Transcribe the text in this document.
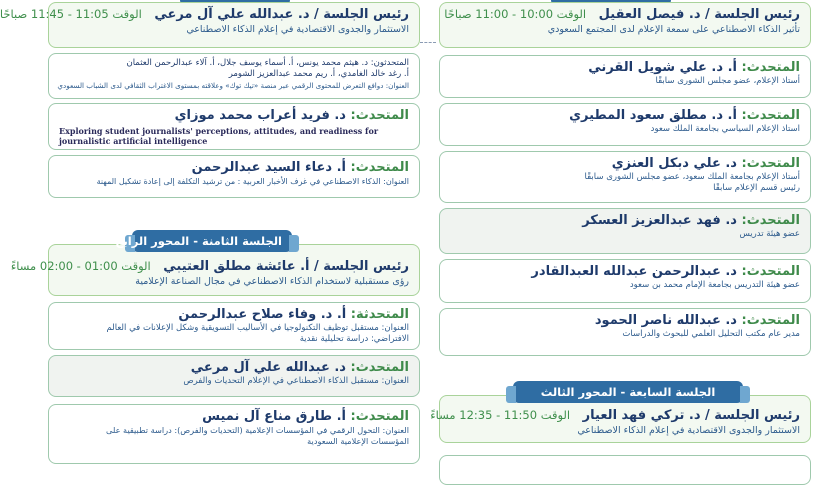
رئيس الجلسة / د. فيصل العقيل الوقت 10:00 - 11:00 صباحًا
تأثير الذكاء الاصطناعي على سمعة الإعلام لدى المجتمع السعودي
المتحدث: أ. د. علي شويل القرني
أستاذ الإعلام، عضو مجلس الشورى سابقًا
المتحدث: أ. د. مطلق سعود المطيري
استاذ الإعلام السياسي بجامعة الملك سعود
المتحدث: د. علي دبكل العنزي
أستاذ الإعلام بجامعة الملك سعود، عضو مجلس الشورى سابقًا
رئيس قسم الإعلام سابقًا
المتحدث: د. فهد عبدالعزيز العسكر
عضو هيئة تدريس
المتحدث: د. عبدالرحمن عبدالله العبدالقادر
عضو هيئة التدريس بجامعة الإمام محمد بن سعود
المتحدث: د. عبدالله ناصر الحمود
مدير عام مكتب التحليل العلمي للبحوث والدراسات
الجلسة السابعة - المحور الثالث
رئيس الجلسة / د. تركي فهد العيار الوقت 11:50 - 12:35 مساءً
الاستثمار والجدوى الاقتصادية في إعلام الذكاء الاصطناعي
رئيس الجلسة / د. عبدالله علي آل مرعي الوقت 11:05 - 11:45 صباحًا
الاستثمار والجدوى الاقتصادية في إعلام الذكاء الاصطناعي
المتحدثون: د. هيثم محمد يونس، أ. أسماء يوسف جلال، أ. آلاء عبدالرحمن العثمان
أ. رغد خالد الغامدي، أ. ريم محمد عبدالعزيز الشومر
العنوان: دوافع التعرض للمحتوى الرقمي عبر منصة «تيك توك» وعلاقته بمستوى الاغتراب الثقافي لدى الشباب السعودي
المتحدث: د. فريد أعراب محمد موزاي
Exploring student journalists' perceptions, attitudes, and readiness for journalistic artificial intelligence
المتحدث: أ. دعاء السيد عبدالرحمن
العنوان: الذكاء الاصطناعي في غرف الأخبار العربية : من ترشيد التكلفة إلى إعادة تشكيل المهنة
الجلسة الثامنة - المحور الرابع
رئيس الجلسة / أ. عائشة مطلق العتيبي الوقت 01:00 - 02:00 مساءً
رؤى مستقبلية لاستخدام الذكاء الاصطناعي في مجال الصناعة الإعلامية
المتحدثة: أ. د. وفاء صلاح عبدالرحمن
العنوان: مستقبل توظيف التكنولوجيا في الأساليب التسويقية وشكل الإعلانات في العالم
الافتراضي: دراسة تحليلية نقدية
المتحدث: د. عبدالله علي آل مرعي
العنوان: مستقبل الذكاء الاصطناعي في الإعلام التحديات والفرص
المتحدث: أ. طارق مناع آل نميس
العنوان: التحول الرقمي في المؤسسات الإعلامية (التحديات والفرص): دراسة تطبيقية على
المؤسسات الإعلامية السعودية
